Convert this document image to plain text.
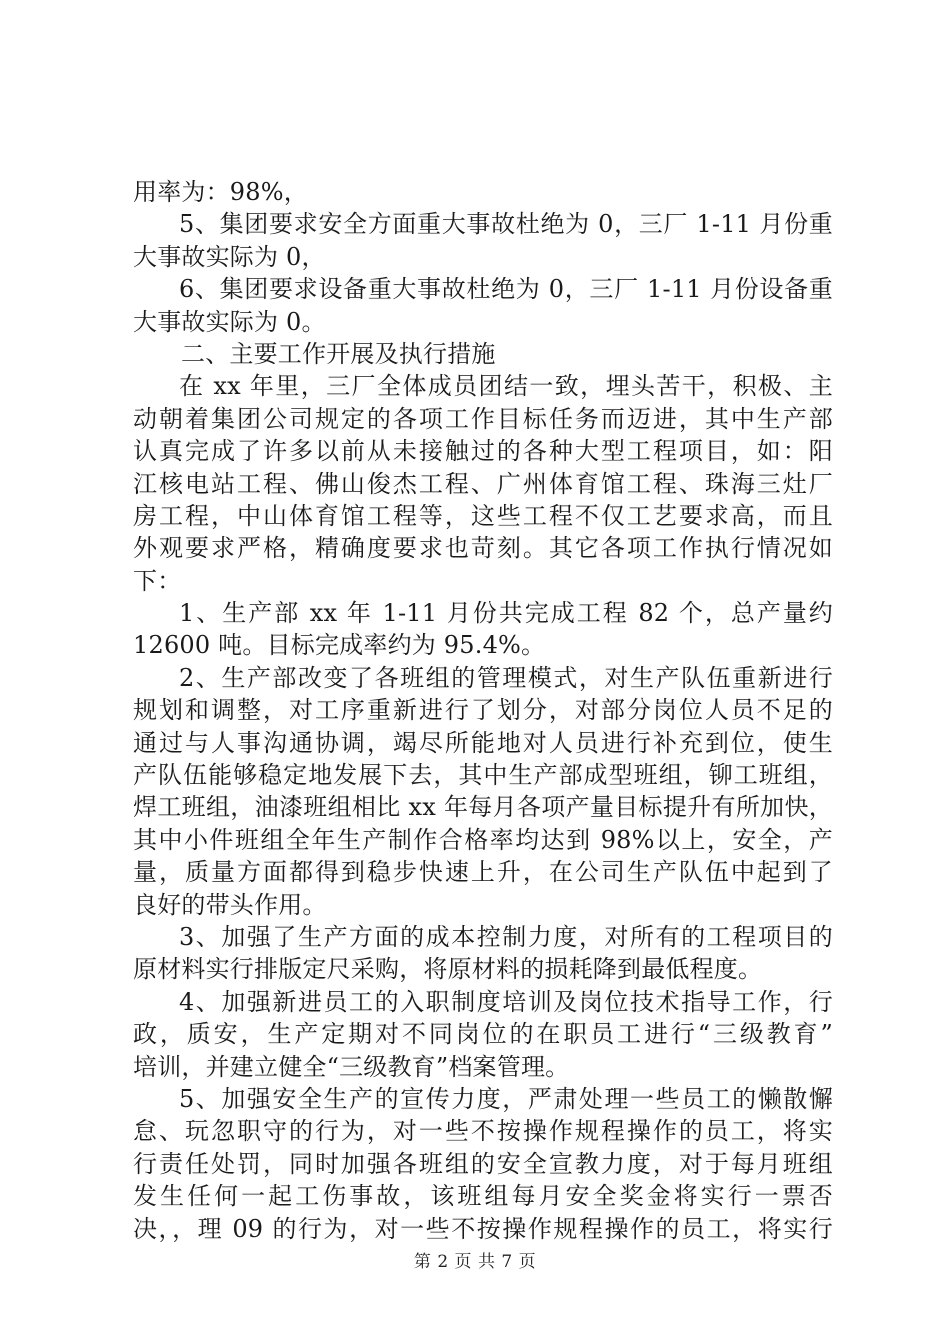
用率为：98%，
5、集团要求安全方面重大事故杜绝为 0，三厂 1-11 月份重
大事故实际为 0，
6、集团要求设备重大事故杜绝为 0，三厂 1-11 月份设备重
大事故实际为 0。
二、主要工作开展及执行措施
在 xx 年里，三厂全体成员团结一致，埋头苦干，积极、主
动朝着集团公司规定的各项工作目标任务而迈进，其中生产部
认真完成了许多以前从未接触过的各种大型工程项目，如：阳
江核电站工程、佛山俊杰工程、广州体育馆工程、珠海三灶厂
房工程，中山体育馆工程等，这些工程不仅工艺要求高，而且
外观要求严格，精确度要求也苛刻。其它各项工作执行情况如
下：
1、生产部 xx 年 1-11 月份共完成工程 82 个，总产量约
12600 吨。目标完成率约为 95.4%。
2、生产部改变了各班组的管理模式，对生产队伍重新进行
规划和调整，对工序重新进行了划分，对部分岗位人员不足的
通过与人事沟通协调，竭尽所能地对人员进行补充到位，使生
产队伍能够稳定地发展下去，其中生产部成型班组，铆工班组，
焊工班组，油漆班组相比 xx 年每月各项产量目标提升有所加快，
其中小件班组全年生产制作合格率均达到 98%以上，安全，产
量，质量方面都得到稳步快速上升，在公司生产队伍中起到了
良好的带头作用。
3、加强了生产方面的成本控制力度，对所有的工程项目的
原材料实行排版定尺采购，将原材料的损耗降到最低程度。
4、加强新进员工的入职制度培训及岗位技术指导工作，行
政，质安，生产定期对不同岗位的在职员工进行“三级教育”
培训，并建立健全“三级教育”档案管理。
5、加强安全生产的宣传力度，严肃处理一些员工的懒散懈
怠、玩忽职守的行为，对一些不按操作规程操作的员工，将实
行责任处罚，同时加强各班组的安全宣教力度，对于每月班组
发生任何一起工伤事故，该班组每月安全奖金将实行一票否
决，，理 09 的行为，对一些不按操作规程操作的员工，将实行
第 2 页 共 7 页
